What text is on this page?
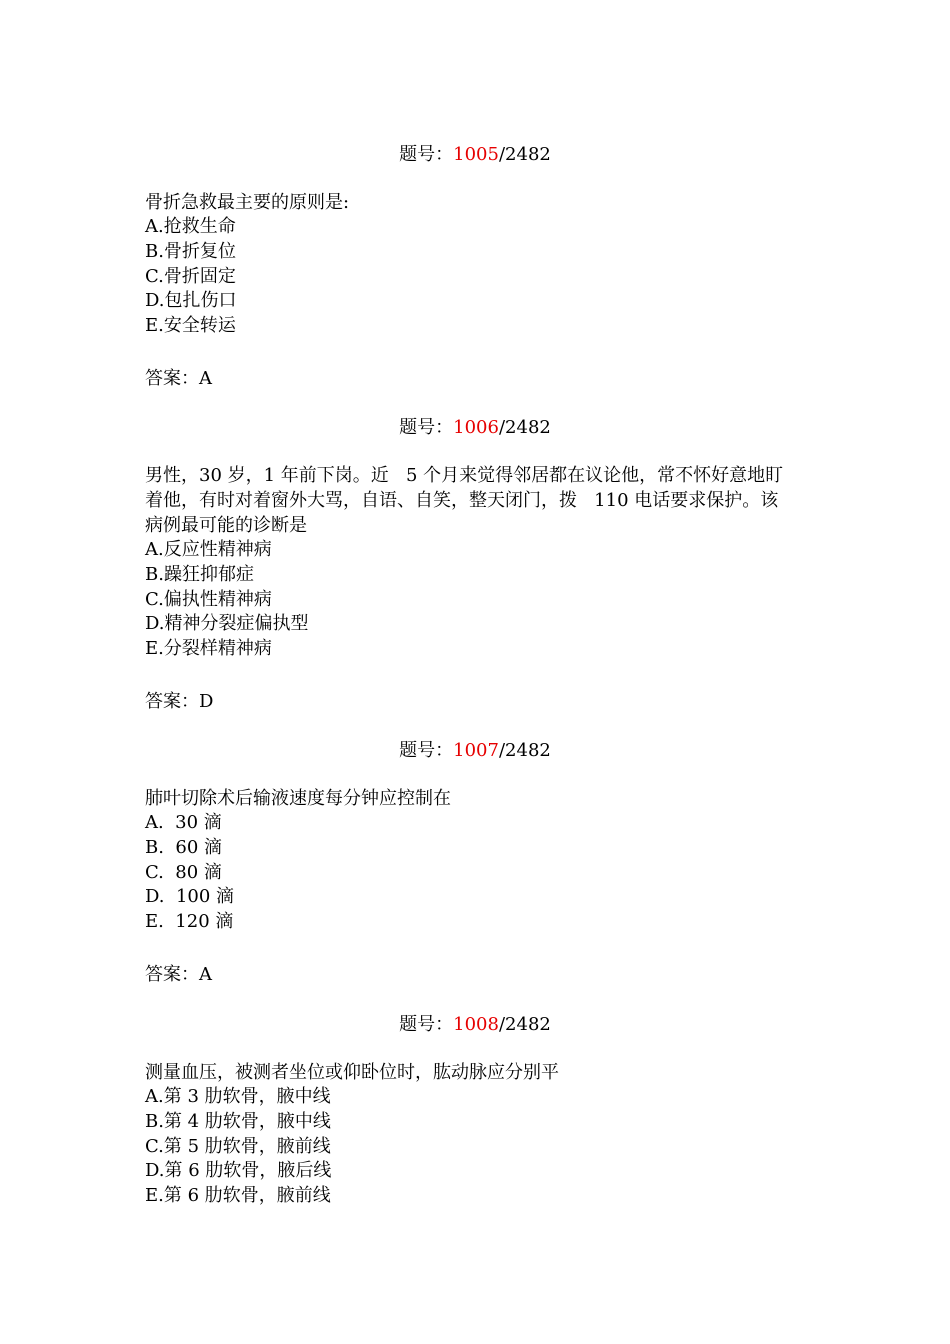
题号：1005/2482
骨折急救最主要的原则是:
A.抢救生命
B.骨折复位
C.骨折固定
D.包扎伤口
E.安全转运
答案：A
题号：1006/2482
男性，30 岁，1 年前下岗。近   5 个月来觉得邻居都在议论他，常不怀好意地盯
着他，有时对着窗外大骂，自语、自笑，整天闭门，拨   110 电话要求保护。该
病例最可能的诊断是
A.反应性精神病
B.躁狂抑郁症
C.偏执性精神病
D.精神分裂症偏执型
E.分裂样精神病
答案：D
题号：1007/2482
肺叶切除术后输液速度每分钟应控制在
A.  30 滴
B.  60 滴
C.  80 滴
D.  100 滴
E.  120 滴
答案：A
题号：1008/2482
测量血压，被测者坐位或仰卧位时，肱动脉应分别平
A.第 3 肋软骨，腋中线
B.第 4 肋软骨，腋中线
C.第 5 肋软骨，腋前线
D.第 6 肋软骨，腋后线
E.第 6 肋软骨，腋前线
